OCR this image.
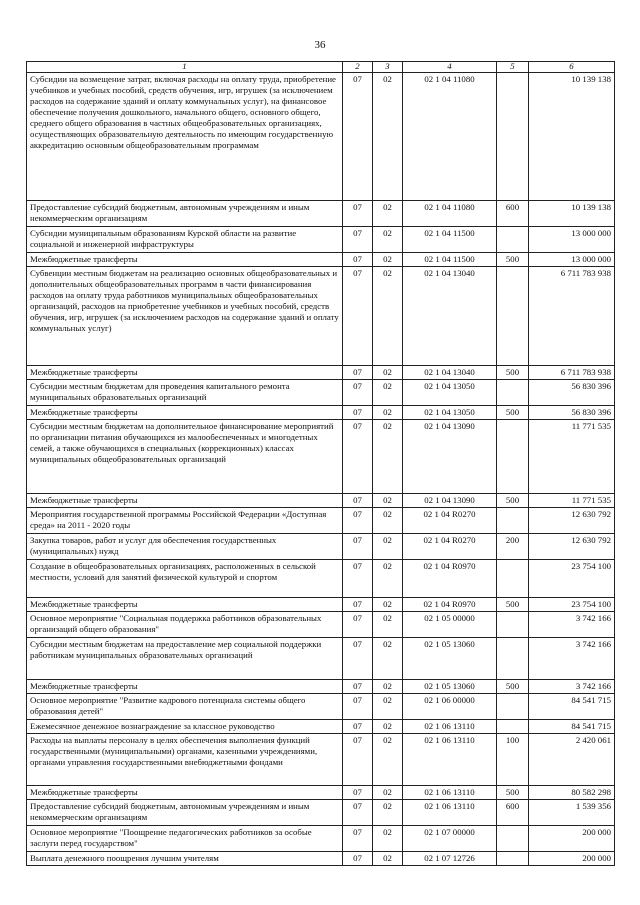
36
1	2	3	4	5	6
Субсидии на возмещение затрат, включая расходы на оплату труда, приобретение учебников и учебных пособий, средств обучения, игр, игрушек (за исключением расходов на содержание зданий и оплату коммунальных услуг), на финансовое обеспечение получения дошкольного, начального общего, основного общего, среднего общего образования в частных общеобразовательных организациях, осуществляющих образовательную деятельность по имеющим государственную аккредитацию основным общеобразовательным программам	07	02	02 1 04 11080		10 139 138
Предоставление субсидий бюджетным, автономным учреждениям и иным некоммерческим организациям	07	02	02 1 04 11080	600	10 139 138
Субсидии муниципальным образованиям Курской области на развитие социальной и инженерной инфраструктуры	07	02	02 1 04 11500		13 000 000
Межбюджетные трансферты	07	02	02 1 04 11500	500	13 000 000
Субвенции местным бюджетам на реализацию основных общеобразовательных и дополнительных общеобразовательных программ в части финансирования расходов на оплату труда работников муниципальных общеобразовательных организаций, расходов на приобретение учебников и учебных пособий, средств обучения, игр, игрушек (за исключением расходов на содержание зданий и оплату коммунальных услуг)	07	02	02 1 04 13040		6 711 783 938
Межбюджетные трансферты	07	02	02 1 04 13040	500	6 711 783 938
Субсидии местным бюджетам для проведения капитального ремонта муниципальных образовательных организаций	07	02	02 1 04 13050		56 830 396
Межбюджетные трансферты	07	02	02 1 04 13050	500	56 830 396
Субсидии местным бюджетам на дополнительное финансирование мероприятий по организации питания обучающихся из малообеспеченных и многодетных семей, а также обучающихся в специальных (коррекционных) классах муниципальных общеобразовательных организаций	07	02	02 1 04 13090		11 771 535
Межбюджетные трансферты	07	02	02 1 04 13090	500	11 771 535
Мероприятия государственной программы Российской Федерации «Доступная среда» на 2011 - 2020 годы	07	02	02 1 04 R0270		12 630 792
Закупка товаров, работ и услуг для обеспечения государственных (муниципальных) нужд	07	02	02 1 04 R0270	200	12 630 792
Создание в общеобразовательных организациях, расположенных в сельской местности, условий для занятий физической культурой и спортом	07	02	02 1 04 R0970		23 754 100
Межбюджетные трансферты	07	02	02 1 04 R0970	500	23 754 100
Основное мероприятие "Социальная поддержка работников образовательных организаций общего образования"	07	02	02 1 05 00000		3 742 166
Субсидии местным бюджетам на предоставление мер социальной поддержки работникам муниципальных образовательных организаций	07	02	02 1 05 13060		3 742 166
Межбюджетные трансферты	07	02	02 1 05 13060	500	3 742 166
Основное мероприятие "Развитие кадрового потенциала системы общего образования детей"	07	02	02 1 06 00000		84 541 715
Ежемесячное денежное вознаграждение за классное руководство	07	02	02 1 06 13110		84 541 715
Расходы на выплаты персоналу в целях обеспечения выполнения функций государственными (муниципальными) органами, казенными учреждениями, органами управления государственными внебюджетными фондами	07	02	02 1 06 13110	100	2 420 061
Межбюджетные трансферты	07	02	02 1 06 13110	500	80 582 298
Предоставление субсидий бюджетным, автономным учреждениям и иным некоммерческим организациям	07	02	02 1 06 13110	600	1 539 356
Основное мероприятие "Поощрение педагогических работников за особые заслуги перед государством"	07	02	02 1 07 00000		200 000
Выплата денежного поощрения лучшим учителям	07	02	02 1 07 12726		200 000
